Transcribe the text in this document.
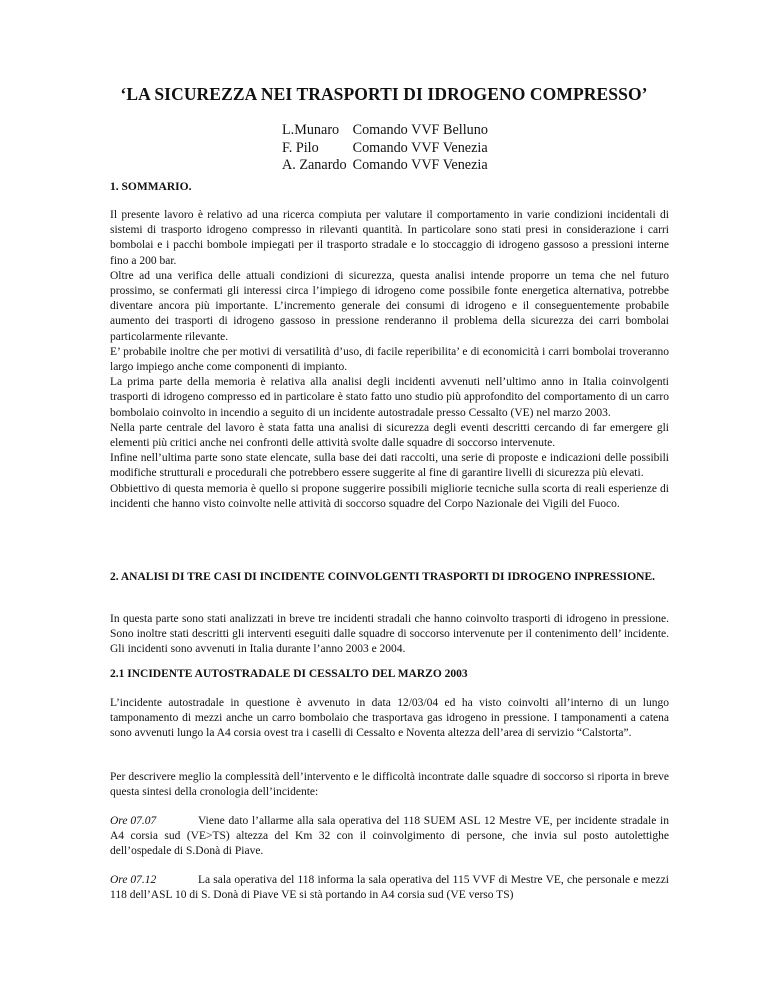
‘LA SICUREZZA NEI TRASPORTI DI IDROGENO COMPRESSO’
L.Munaro	Comando VVF Belluno
F. Pilo	Comando VVF Venezia
A. Zanardo	Comando VVF Venezia
1. SOMMARIO.

Il presente lavoro è relativo ad una ricerca compiuta per valutare il comportamento in varie condizioni incidentali di sistemi di trasporto idrogeno compresso in rilevanti quantità. In particolare sono stati presi in considerazione i carri bombolai e i pacchi bombole impiegati per il trasporto stradale e lo stoccaggio di idrogeno gassoso a pressioni interne fino a 200 bar.

Oltre ad una verifica delle attuali condizioni di sicurezza, questa analisi intende proporre un tema che nel futuro prossimo, se confermati gli interessi circa l’impiego di idrogeno come possibile fonte energetica alternativa, potrebbe diventare ancora più importante. L’incremento generale dei consumi di idrogeno e il conseguentemente probabile aumento dei trasporti di idrogeno gassoso in pressione renderanno il problema della sicurezza dei carri bombolai particolarmente rilevante.

E’ probabile inoltre che per motivi di versatilità d’uso, di facile reperibilita’ e di economicità i carri bombolai troveranno largo impiego anche come componenti di impianto.

La prima parte della memoria è relativa alla analisi degli incidenti avvenuti nell’ultimo anno in Italia coinvolgenti trasporti di idrogeno compresso ed in particolare è stato fatto uno studio più approfondito del comportamento di un carro bombolaio coinvolto in incendio a seguito di un incidente autostradale presso Cessalto (VE) nel marzo 2003.

Nella parte centrale del lavoro è stata fatta una analisi di sicurezza degli eventi descritti cercando di far emergere gli elementi più critici anche nei confronti delle attività svolte dalle squadre di soccorso intervenute.

Infine nell’ultima parte sono state elencate, sulla base dei dati raccolti, una serie di proposte e indicazioni delle possibili modifiche strutturali e procedurali che potrebbero essere suggerite al fine di garantire livelli di sicurezza più elevati.

Obbiettivo di questa memoria è quello si propone suggerire possibili migliorie tecniche sulla scorta di reali esperienze di incidenti che hanno visto coinvolte nelle attività di soccorso squadre del Corpo Nazionale dei Vigili del Fuoco.

2. ANALISI DI TRE CASI DI INCIDENTE COINVOLGENTI TRASPORTI DI IDROGENO INPRESSIONE.
In questa parte sono stati analizzati in breve tre incidenti stradali che hanno coinvolto trasporti di idrogeno in pressione. Sono inoltre stati descritti gli interventi eseguiti dalle squadre di soccorso intervenute per il contenimento dell’ incidente. Gli incidenti sono avvenuti in Italia durante l’anno 2003 e 2004.
2.1 INCIDENTE AUTOSTRADALE DI CESSALTO DEL MARZO 2003
L’incidente autostradale in questione è avvenuto in data 12/03/04 ed ha visto coinvolti all’interno di un lungo tamponamento di mezzi anche un carro bombolaio che trasportava gas idrogeno in pressione. I tamponamenti a catena sono avvenuti lungo la A4 corsia ovest tra i caselli di Cessalto e Noventa altezza dell’area di servizio “Calstorta”.
Per descrivere meglio la complessità dell’intervento e le difficoltà incontrate dalle squadre di soccorso si riporta in breve questa sintesi della cronologia dell’incidente:
Ore 07.07	Viene dato l’allarme alla sala operativa del 118 SUEM ASL 12 Mestre VE, per incidente stradale in A4 corsia sud (VE>TS) altezza del Km 32 con il coinvolgimento di persone, che invia sul posto autolettighe dell’ospedale di S.Donà di Piave.
Ore 07.12	La sala operativa del 118 informa la sala operativa del 115 VVF di Mestre VE, che personale e mezzi 118 dell’ASL 10 di S. Donà di Piave VE si stà portando in A4 corsia sud (VE verso TS)
